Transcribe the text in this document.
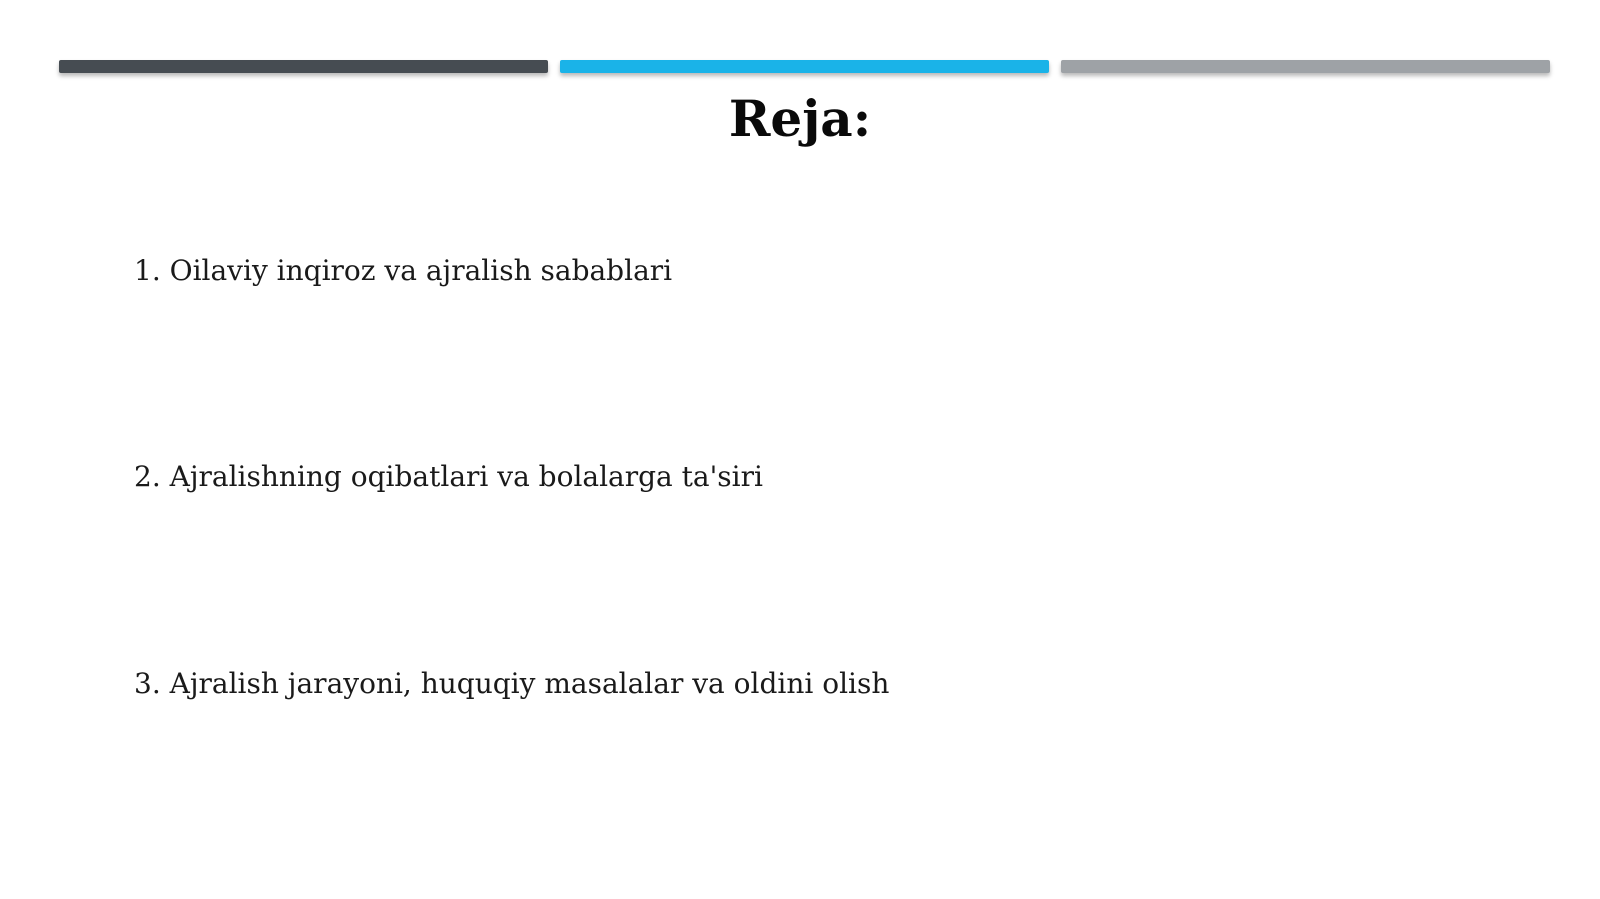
Reja:
1. Oilaviy inqiroz va ajralish sabablari
2. Ajralishning oqibatlari va bolalarga ta'siri
3. Ajralish jarayoni, huquqiy masalalar va oldini olish
